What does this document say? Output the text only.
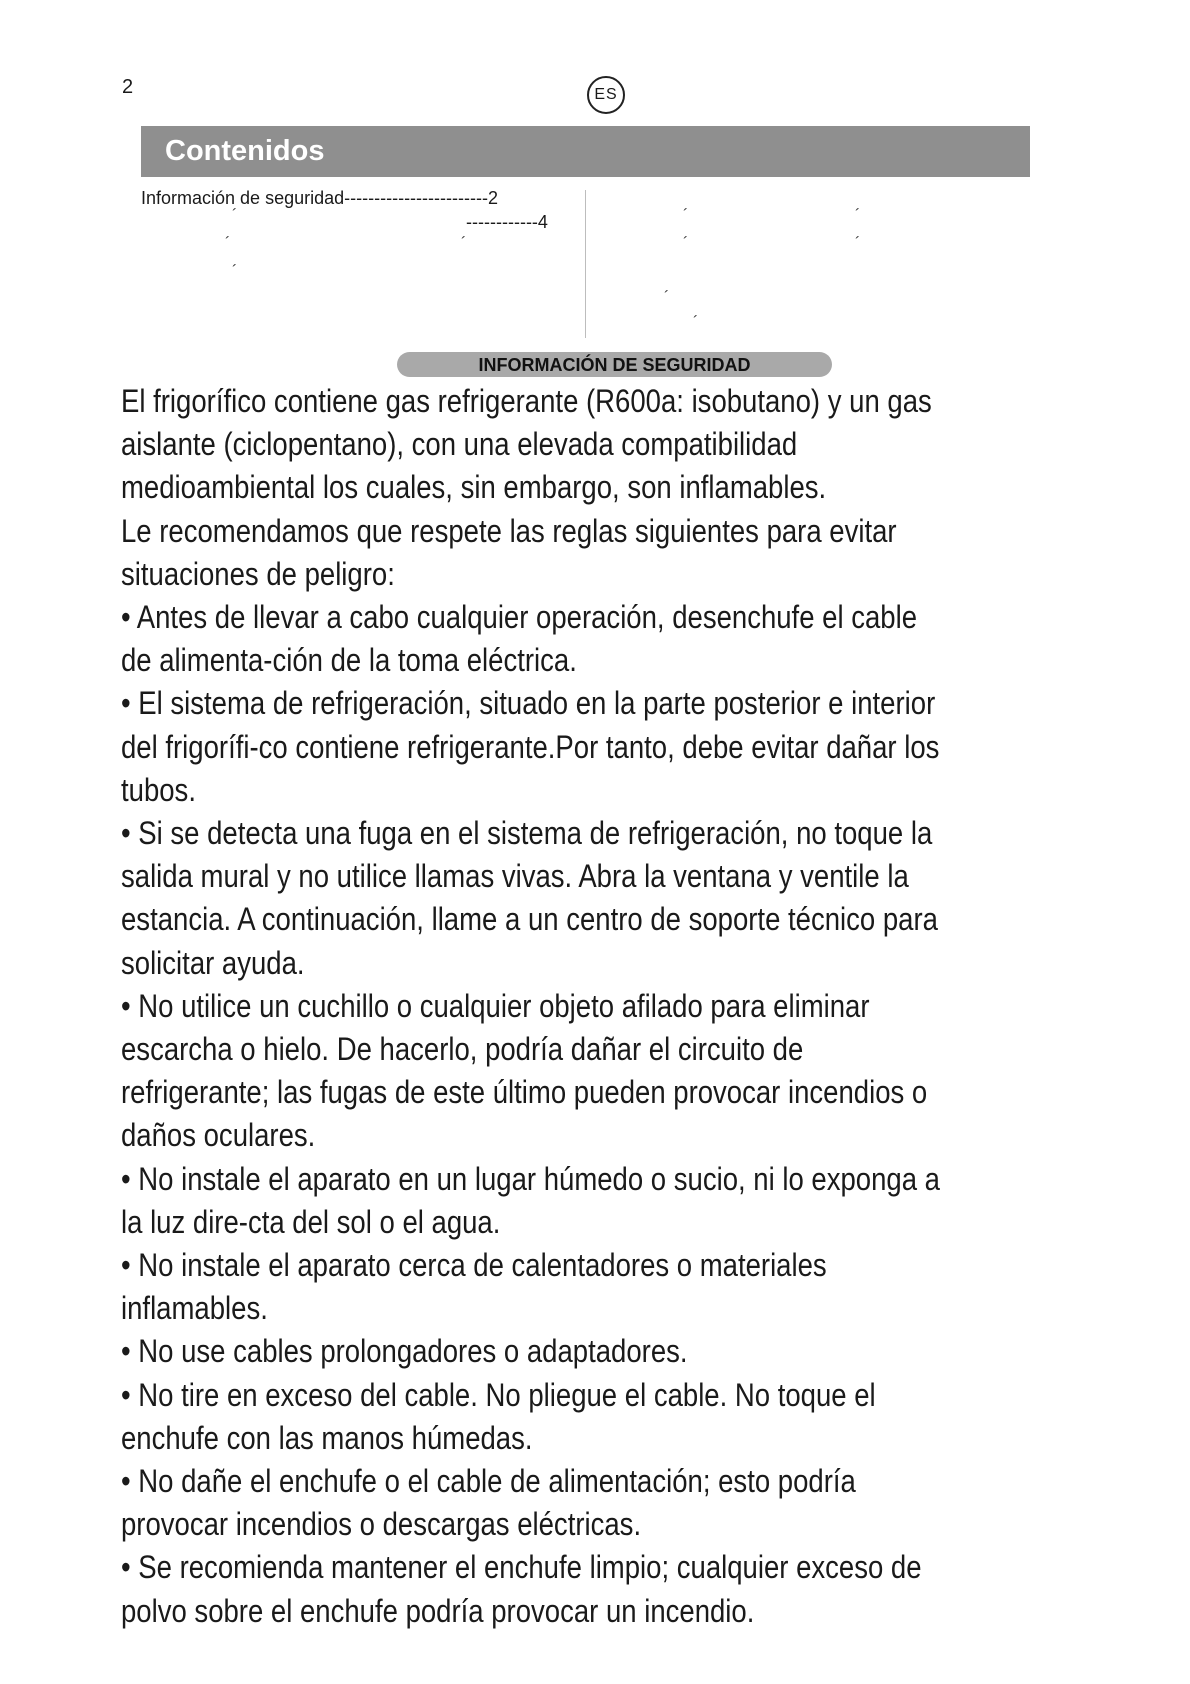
2	ES
Contenidos
Información de seguridad------------------------2
------------4
´
´	´
´
´	´
´	´
´
´
INFORMACIÓN DE SEGURIDAD

El frigorífico contiene gas refrigerante (R600a: isobutano) y un gas aislante (ciclopentano), con una elevada compatibilidad medioambiental los cuales, sin embargo, son inflamables.

Le recomendamos que respete las reglas siguientes para evitar situaciones de peligro:

• Antes de llevar a cabo cualquier operación, desenchufe el cable de alimenta-ción de la toma eléctrica.

• El sistema de refrigeración, situado en la parte posterior e interior del frigorífi-co contiene refrigerante.Por tanto, debe evitar dañar los tubos.

• Si se detecta una fuga en el sistema de refrigeración, no toque la salida mural y no utilice llamas vivas. Abra la ventana y ventile la estancia. A continuación, llame a un centro de soporte técnico para solicitar ayuda.

• No utilice un cuchillo o cualquier objeto afilado para eliminar escarcha o hielo. De hacerlo, podría dañar el circuito de refrigerante; las fugas de este último pueden provocar incendios o daños oculares.

• No instale el aparato en un lugar húmedo o sucio, ni lo exponga a la luz dire-cta del sol o el agua.

• No instale el aparato cerca de calentadores o materiales inflamables.

• No use cables prolongadores o adaptadores.

• No tire en exceso del cable. No pliegue el cable. No toque el enchufe con las manos húmedas.

• No dañe el enchufe o el cable de alimentación; esto podría provocar incendios o descargas eléctricas.

• Se recomienda mantener el enchufe limpio; cualquier exceso de polvo sobre el enchufe podría provocar un incendio.
